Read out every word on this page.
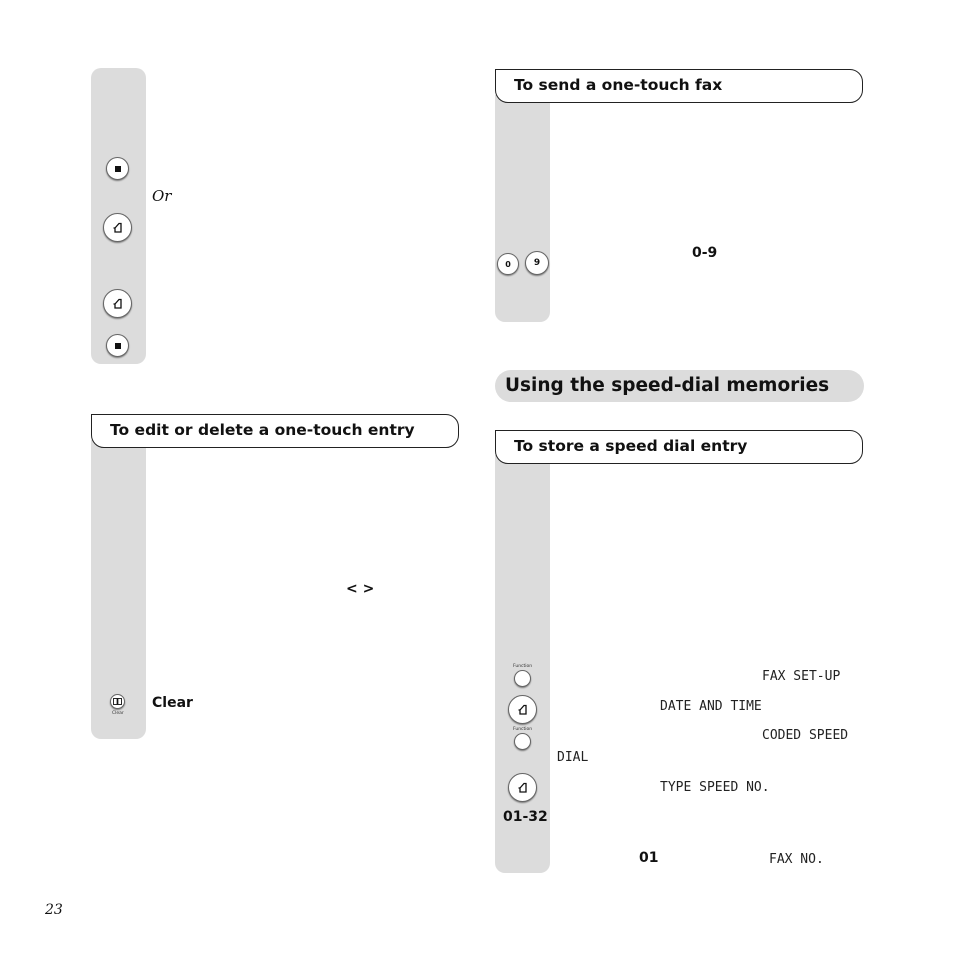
Or
To send a one-touch fax
0	9
0-9
Using the speed-dial memories
To edit or delete a one-touch entry
< >
Clear
Clear
To store a speed dial entry
Function
Function
01-32
FAX SET-UP
DATE AND TIME
CODED SPEED
DIAL
TYPE SPEED NO.
01	FAX NO.
23
